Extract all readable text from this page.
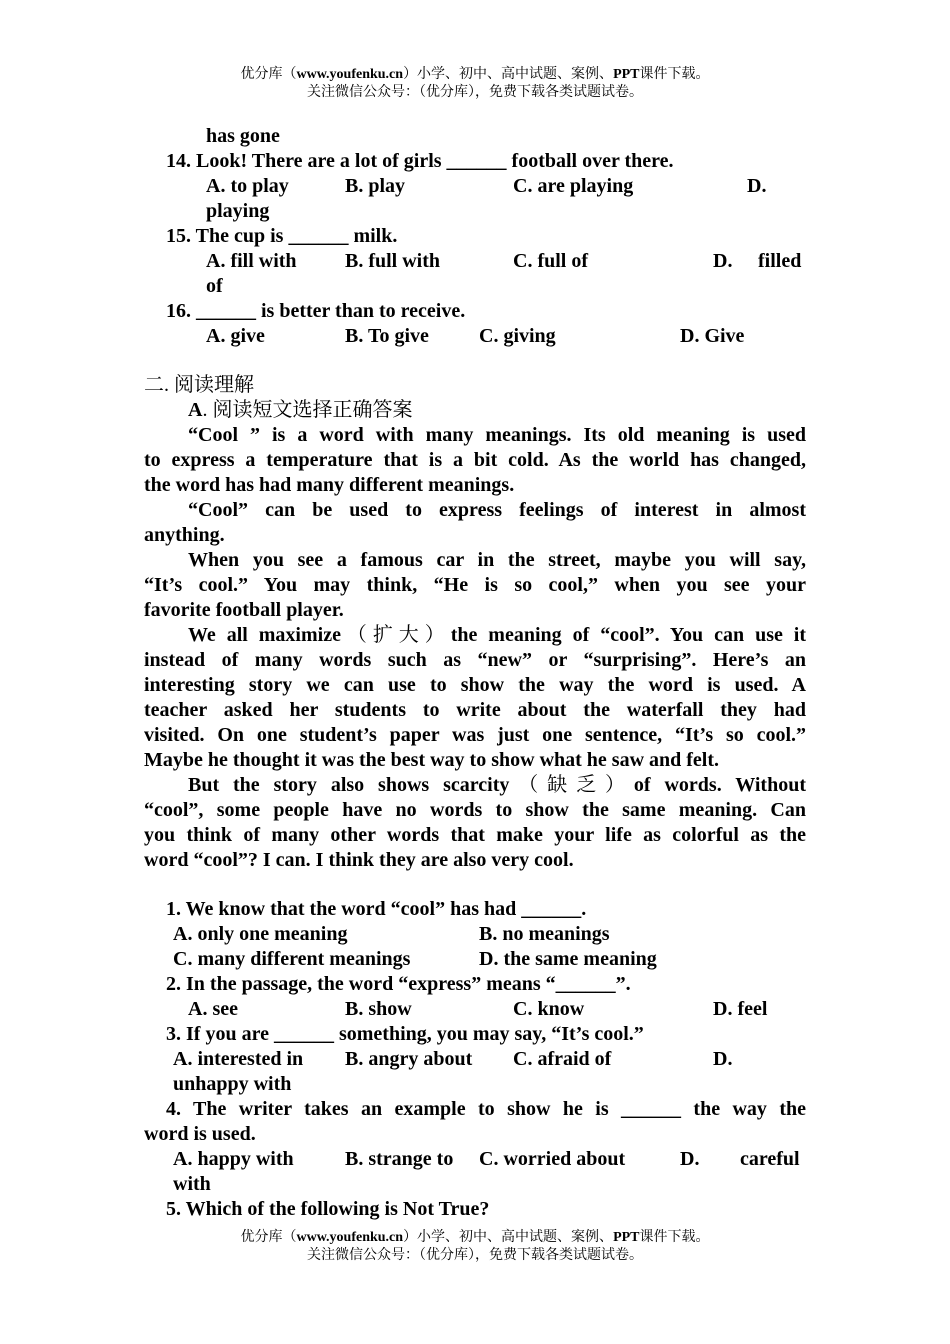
优分库（www.youfenku.cn）小学、初中、高中试题、案例、PPT课件下载。
关注微信公众号：（优分库），免费下载各类试题试卷。
has gone
14. Look! There are a lot of girls ______ football over there.
A. to play	B. play	C. are playing	D.
playing
15. The cup is ______ milk.
A. fill with B. full with	C. full of	D. filled
of
16. ______ is better than to receive.
A. give	B. To give	C. giving	D. Give
二. 阅读理解
A. 阅读短文选择正确答案
“Cool ” is a word with many meanings. Its old meaning is used
to express a temperature that is a bit cold. As the world has changed,
the word has had many different meanings.
“Cool” can be used to express feelings of interest in almost
anything.
When you see a famous car in the street, maybe you will say,
“It’s cool.” You may think, “He is so cool,” when you see your
favorite football player.
We all maximize（扩大）the meaning of “cool”. You can use it
instead of many words such as “new” or “surprising”. Here’s an
interesting story we can use to show the way the word is used. A
teacher asked her students to write about the waterfall they had
visited. On one student’s paper was just one sentence, “It’s so cool.”
Maybe he thought it was the best way to show what he saw and felt.
But the story also shows scarcity（缺乏）of words. Without
“cool”, some people have no words to show the same meaning. Can
you think of many other words that make your life as colorful as the
word “cool”? I can. I think they are also very cool.
1. We know that the word “cool” has had ______.
A. only one meaning	B. no meanings
C. many different meanings	D. the same meaning
2. In the passage, the word “express” means “______”.
A. see	B. show	C. know	D. feel
3. If you are ______ something, you may say, “It’s cool.”
A. interested in B. angry about C. afraid of	D.
unhappy with
4. The writer takes an example to show he is ______ the way the
word is used.
A. happy with	B. strange to C. worried about	D. careful
with
5. Which of the following is Not True?
优分库（www.youfenku.cn）小学、初中、高中试题、案例、PPT课件下载。
关注微信公众号：（优分库），免费下载各类试题试卷。
